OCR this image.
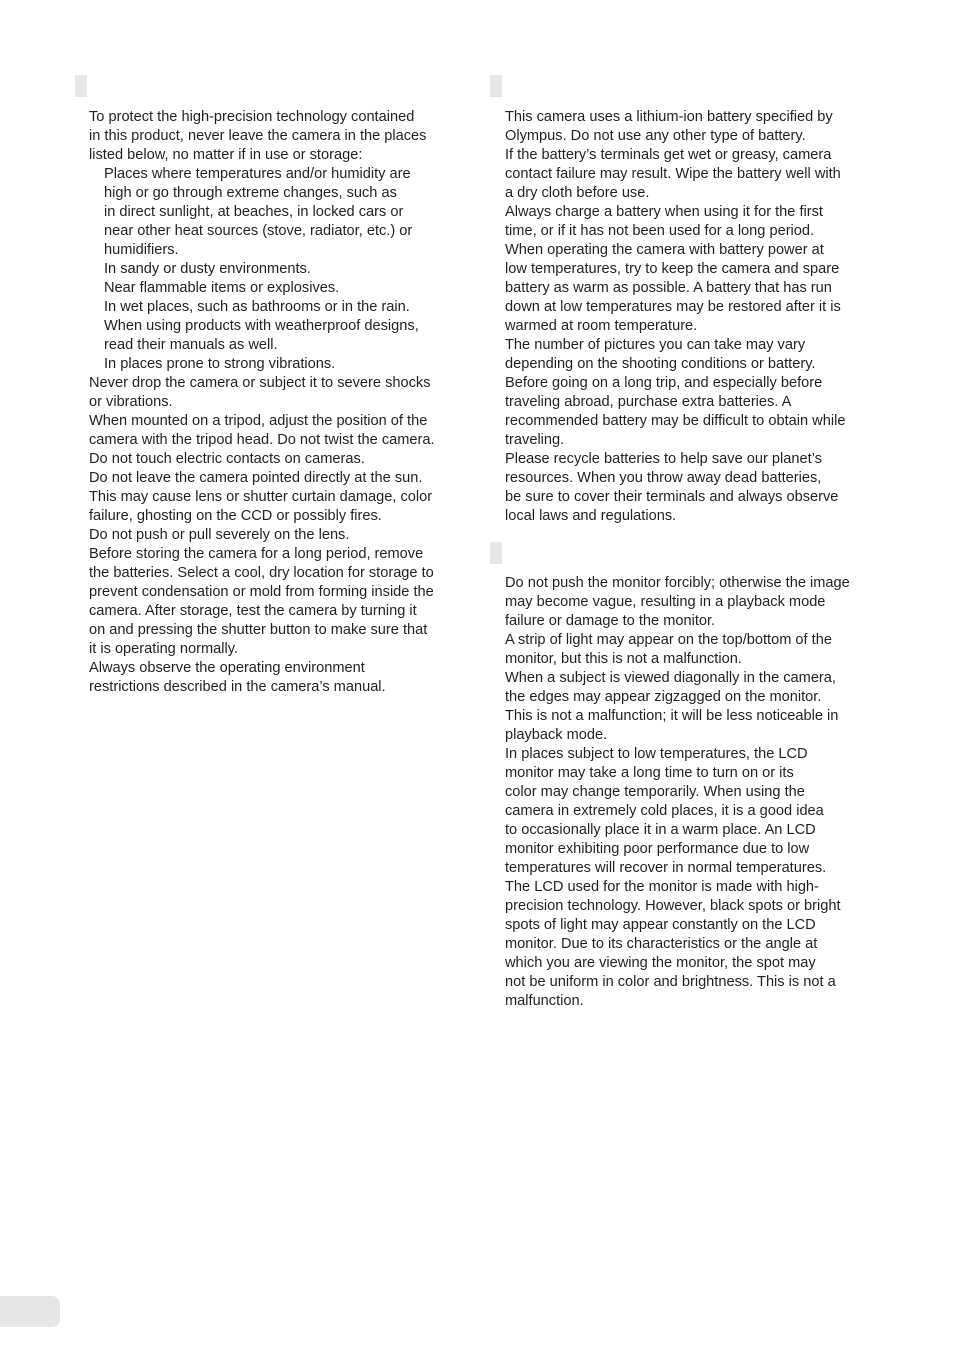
To protect the high-precision technology contained
in this product, never leave the camera in the places
listed below, no matter if in use or storage:
Places where temperatures and/or humidity are
high or go through extreme changes, such as
in direct sunlight, at beaches, in locked cars or
near other heat sources (stove, radiator, etc.) or
humidifiers.
In sandy or dusty environments.
Near flammable items or explosives.
In wet places, such as bathrooms or in the rain.
When using products with weatherproof designs,
read their manuals as well.
In places prone to strong vibrations.
Never drop the camera or subject it to severe shocks
or vibrations.
When mounted on a tripod, adjust the position of the
camera with the tripod head. Do not twist the camera.
Do not touch electric contacts on cameras.
Do not leave the camera pointed directly at the sun.
This may cause lens or shutter curtain damage, color
failure, ghosting on the CCD or possibly fires.
Do not push or pull severely on the lens.
Before storing the camera for a long period, remove
the batteries. Select a cool, dry location for storage to
prevent condensation or mold from forming inside the
camera. After storage, test the camera by turning it
on and pressing the shutter button to make sure that
it is operating normally.
Always observe the operating environment
restrictions described in the camera’s manual.
This camera uses a lithium-ion battery specified by
Olympus. Do not use any other type of battery.
If the battery’s terminals get wet or greasy, camera
contact failure may result. Wipe the battery well with
a dry cloth before use.
Always charge a battery when using it for the first
time, or if it has not been used for a long period.
When operating the camera with battery power at
low temperatures, try to keep the camera and spare
battery as warm as possible. A battery that has run
down at low temperatures may be restored after it is
warmed at room temperature.
The number of pictures you can take may vary
depending on the shooting conditions or battery.
Before going on a long trip, and especially before
traveling abroad, purchase extra batteries. A
recommended battery may be difficult to obtain while
traveling.
Please recycle batteries to help save our planet’s
resources. When you throw away dead batteries,
be sure to cover their terminals and always observe
local laws and regulations.
Do not push the monitor forcibly; otherwise the image
may become vague, resulting in a playback mode
failure or damage to the monitor.
A strip of light may appear on the top/bottom of the
monitor, but this is not a malfunction.
When a subject is viewed diagonally in the camera,
the edges may appear zigzagged on the monitor.
This is not a malfunction; it will be less noticeable in
playback mode.
In places subject to low temperatures, the LCD
monitor may take a long time to turn on or its
color may change temporarily. When using the
camera in extremely cold places, it is a good idea
to occasionally place it in a warm place. An LCD
monitor exhibiting poor performance due to low
temperatures will recover in normal temperatures.
The LCD used for the monitor is made with high-
precision technology. However, black spots or bright
spots of light may appear constantly on the LCD
monitor. Due to its characteristics or the angle at
which you are viewing the monitor, the spot may
not be uniform in color and brightness. This is not a
malfunction.
